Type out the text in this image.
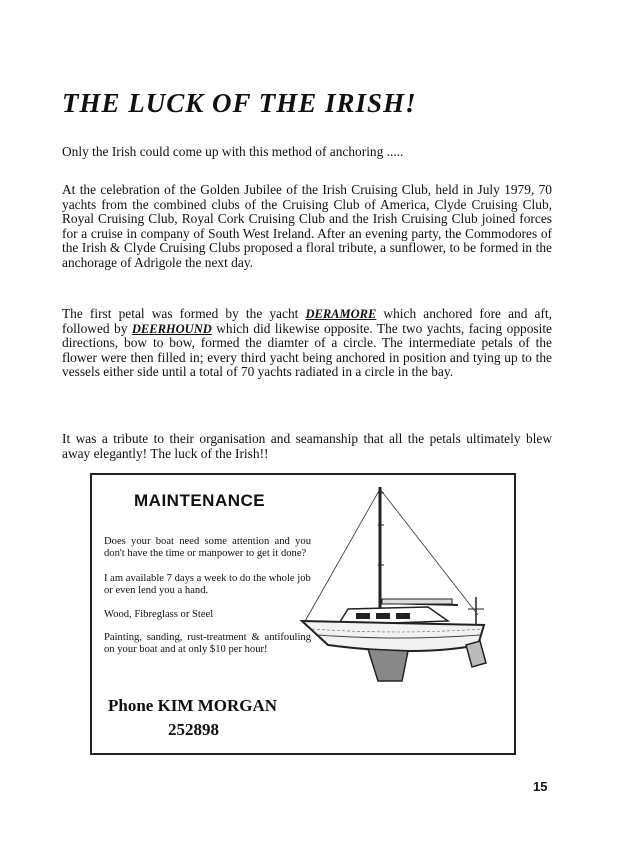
THE LUCK OF THE IRISH!

Only the Irish could come up with this method of anchoring .....

At the celebration of the Golden Jubilee of the Irish Cruising Club, held in July 1979, 70 yachts from the combined clubs of the Cruising Club of America, Clyde Cruising Club, Royal Cruising Club, Royal Cork Cruising Club and the Irish Cruising Club joined forces for a cruise in company of South West Ireland. After an evening party, the Commodores of the Irish & Clyde Cruising Clubs proposed a floral tribute, a sunflower, to be formed in the anchorage of Adrigole the next day.

The first petal was formed by the yacht DERAMORE which anchored fore and aft, followed by DEERHOUND which did likewise opposite. The two yachts, facing opposite directions, bow to bow, formed the diamter of a circle. The intermediate petals of the flower were then filled in; every third yacht being anchored in position and tying up to the vessels either side until a total of 70 yachts radiated in a circle in the bay.

It was a tribute to their organisation and seamanship that all the petals ultimately blew away elegantly! The luck of the Irish!!

MAINTENANCE

Does your boat need some attention and you don't have the time or manpower to get it done?

I am available 7 days a week to do the whole job or even lend you a hand.

Wood, Fibreglass or Steel

Painting, sanding, rust-treatment & antifouling on your boat and at only $10 per hour!

Phone KIM MORGAN
252898
15
